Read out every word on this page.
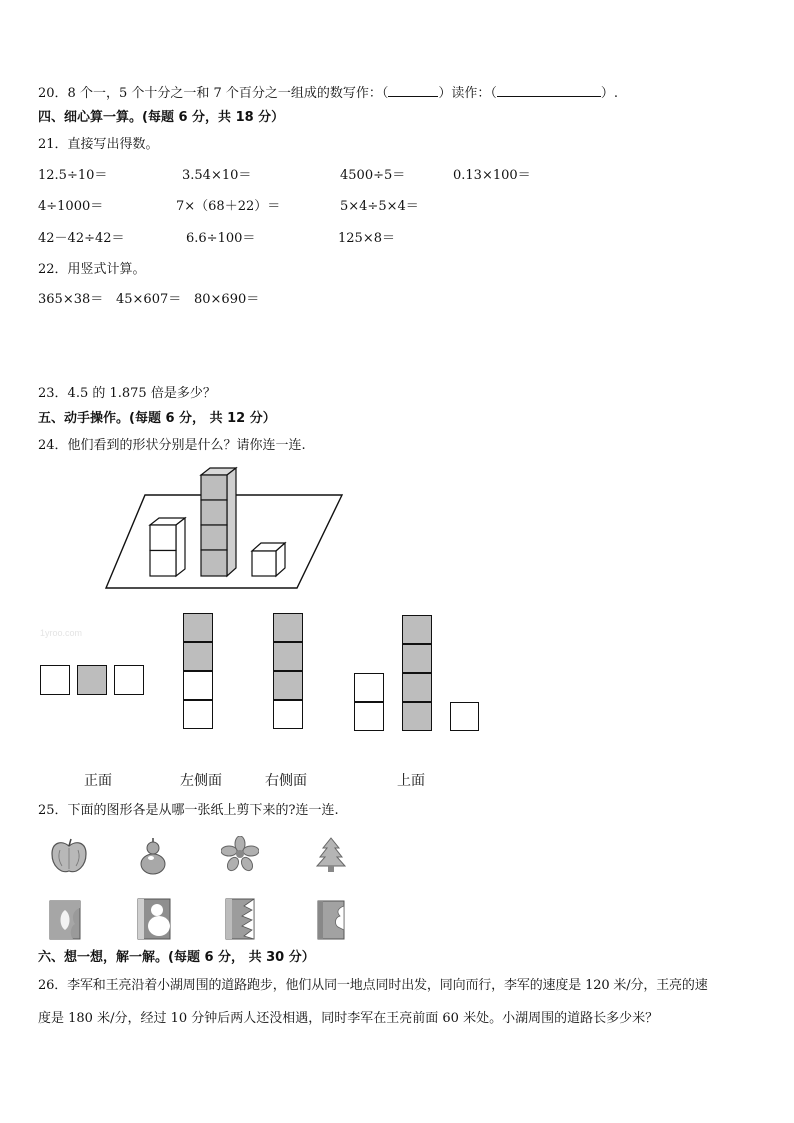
20．8 个一，5 个十分之一和 7 个百分之一组成的数写作：（	）读作：（	）.
四、细心算一算。(每题 6 分，共 18 分）
21．直接写出得数。
12.5÷10＝	3.54×10＝	4500÷5＝	0.13×100＝
4÷1000＝	7×（68＋22）＝	5×4÷5×4＝
42－42÷42＝	6.6÷100＝	125×8＝
22．用竖式计算。
365×38＝ 45×607＝ 80×690＝
23．4.5 的 1.875 倍是多少？
五、动手操作。(每题 6 分， 共 12 分）
24．他们看到的形状分别是什么？请你连一连.
1yroo.com
正面	左侧面	右侧面	上面
25．下面的图形各是从哪一张纸上剪下来的?连一连.
六、想一想，解一解。(每题 6 分， 共 30 分）
26．李军和王亮沿着小湖周围的道路跑步，他们从同一地点同时出发，同向而行，李军的速度是 120 米/分，王亮的速
度是 180 米/分，经过 10 分钟后两人还没相遇，同时李军在王亮前面 60 米处。小湖周围的道路长多少米？
